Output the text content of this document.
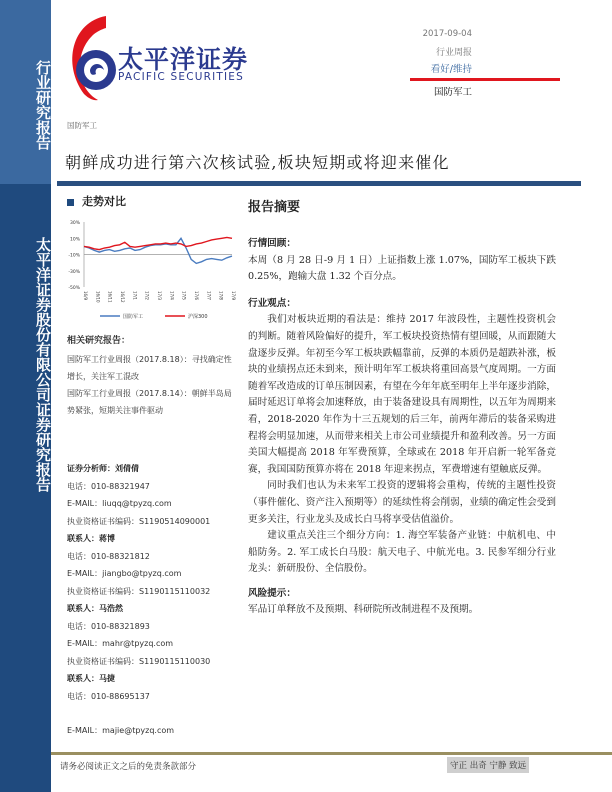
行业研究报告
太平洋证券股份有限公司证券研究报告
太平洋证券
PACIFIC SECURITIES
2017-09-04
行业周报
看好/维持
国防军工
国防军工
朝鲜成功进行第六次核试验,板块短期或将迎来催化
走势对比
30%
10%
-10%
-30%
-50%
16/9 16/10 16/11 16/12 17/1 17/2 17/3 17/4 17/5 17/6 17/7 17/8 17/9
国防军工	沪深300
相关研究报告：
国防军工行业周报（2017.8.18）：寻找确定性增长，关注军工混改
国防军工行业周报（2017.8.14）：朝鲜半岛局势紧张，短期关注事件驱动
证券分析师：刘倩倩
电话：010-88321947
E-MAIL：liuqq@tpyzq.com
执业资格证书编码：S1190514090001
联系人：蒋博
电话：010-88321812
E-MAIL：jiangbo@tpyzq.com
执业资格证书编码：S1190115110032
联系人：马浩然
电话：010-88321893
E-MAIL：mahr@tpyzq.com
执业资格证书编码：S1190115110030
联系人：马捷
电话：010-88695137
E-MAIL：majie@tpyzq.com
报告摘要
行情回顾：

本周（8 月 28 日-9 月 1 日）上证指数上涨 1.07%，国防军工板块下跌 0.25%，跑输大盘 1.32 个百分点。

行业观点：

我们对板块近期的看法是：维持 2017 年波段性，主题性投资机会的判断。随着风险偏好的提升，军工板块投资热情有望回暖，从而跟随大盘逐步反弹。年初至今军工板块跌幅靠前，反弹的本质仍是超跌补涨，板块的业绩拐点还未到来，预计明年军工板块将重回高景气度周期。一方面随着军改造成的订单压制因素，有望在今年年底至明年上半年逐步消除，届时延迟订单将会加速释放，由于装备建设具有周期性，以五年为周期来看，2018-2020 年作为十三五规划的后三年，前两年滞后的装备采购进程将会明显加速，从而带来相关上市公司业绩提升和盈利改善。另一方面美国大幅提高 2018 年军费预算，全球或在 2018 年开启新一轮军备竞赛，我国国防预算亦将在 2018 年迎来拐点，军费增速有望触底反弹。

同时我们也认为未来军工投资的逻辑将会重构，传统的主题性投资（事件催化、资产注入预期等）的延续性将会削弱，业绩的确定性会受到更多关注，行业龙头及成长白马将享受估值溢价。

建议重点关注三个细分方向：1. 海空军装备产业链：中航机电、中船防务。2. 军工成长白马股：航天电子、中航光电。3. 民参军细分行业龙头：新研股份、全信股份。

风险提示：

军品订单释放不及预期、科研院所改制进程不及预期。

请务必阅读正文之后的免责条款部分	守正 出奇 宁静 致远
